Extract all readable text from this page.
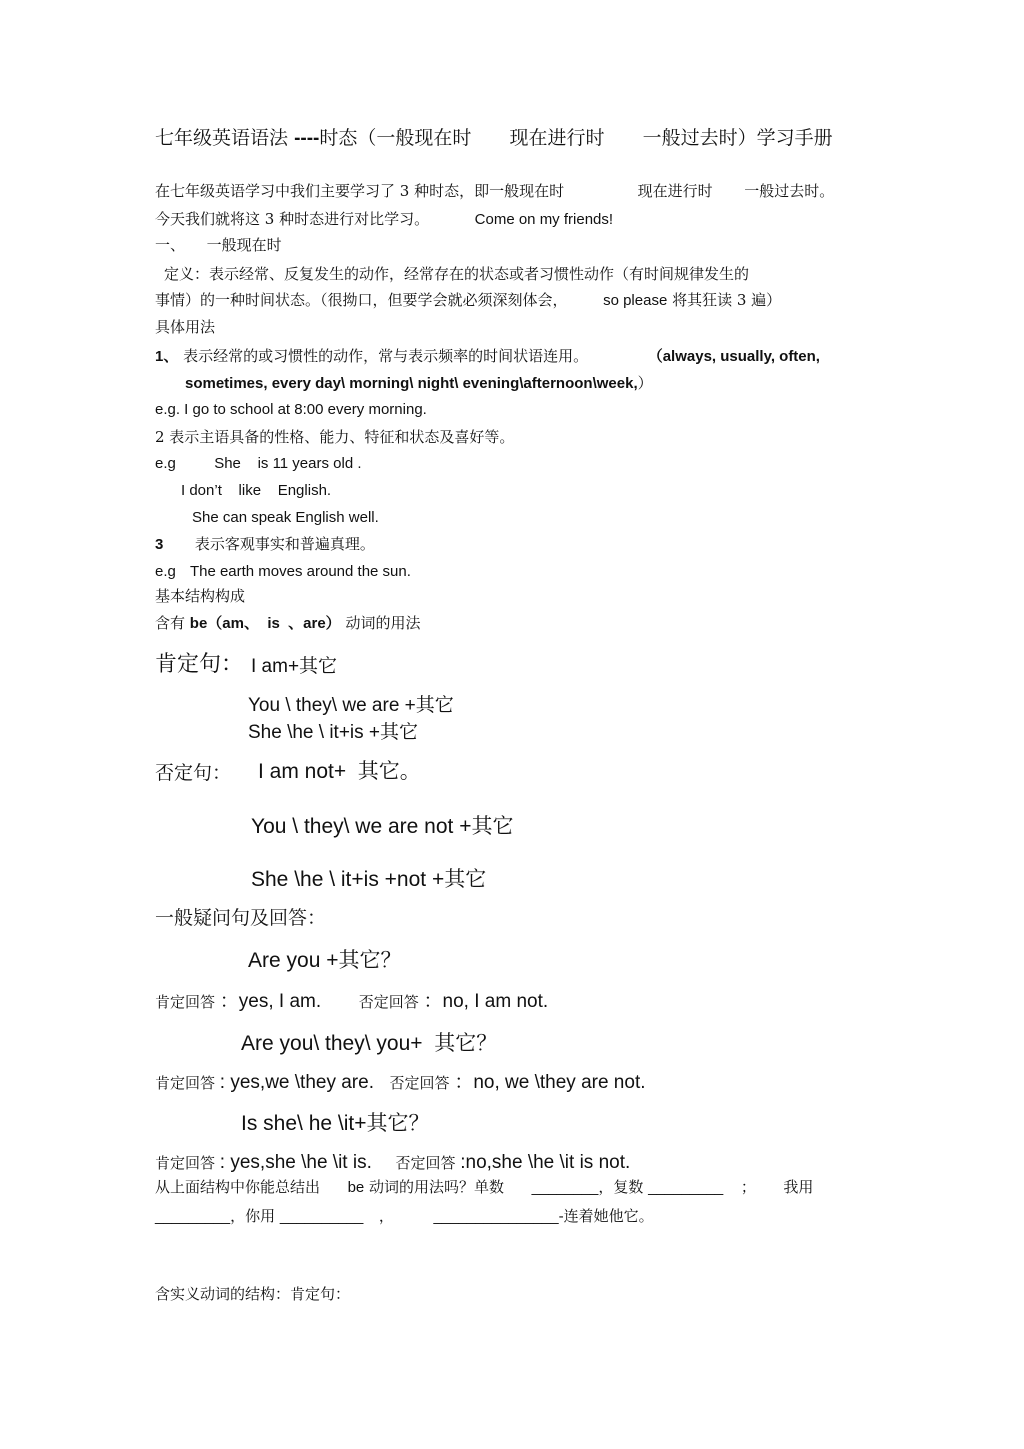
七年级英语语法 ----时态（一般现在时 现在进行时 一般过去时）学习手册
在七年级英语学习中我们主要学习了 3 种时态，即一般现在时	现在进行时 一般过去时。
今天我们就将这 3 种时态进行对比学习。	Come on my friends!
一、 一般现在时
定义：表示经常、反复发生的动作，经常存在的状态或者习惯性动作（有时间规律发生的
事情）的一种时间状态。（很拗口，但要学会就必须深刻体会， so please 将其狂读 3 遍）
具体用法
1、 表示经常的或习惯性的动作，常与表示频率的时间状语连用。	（always, usually, often,
sometimes, every day\ morning\ night\ evening\afternoon\week,）
e.g. I go to school at 8:00 every morning.
2 表示主语具备的性格、能力、特征和状态及喜好等。
e.g	She    is 11 years old .
I don’t    like    English.
She can speak English well.
3 表示客观事实和普遍真理。
e.g The earth moves around the sun.
基本结构构成
含有 be（am、  is  、are） 动词的用法
肯定句： I am+其它
You \ they\ we are +其它
She \he \ it+is +其它
否定句： I am not+  其它。
You \ they\ we are not +其它
She \he \ it+is +not +其它
一般疑问句及回答：
Are you +其它？
肯定回答 ：yes, I am.	否定回答 ：no, I am not.
Are you\ they\ you+  其它？
肯定回答 : yes,we \they are. 否定回答 ：no, we \they are not.
Is she\ he \it+其它？
肯定回答 : yes,she \he \it is. 否定回答 :no,she \he \it is not.
从上面结构中你能总结出 be 动词的用法吗？单数 ________，复数 _________ ； 我用
_________，你用 __________ ，	_______________-连着她他它。
含实义动词的结构：肯定句：
